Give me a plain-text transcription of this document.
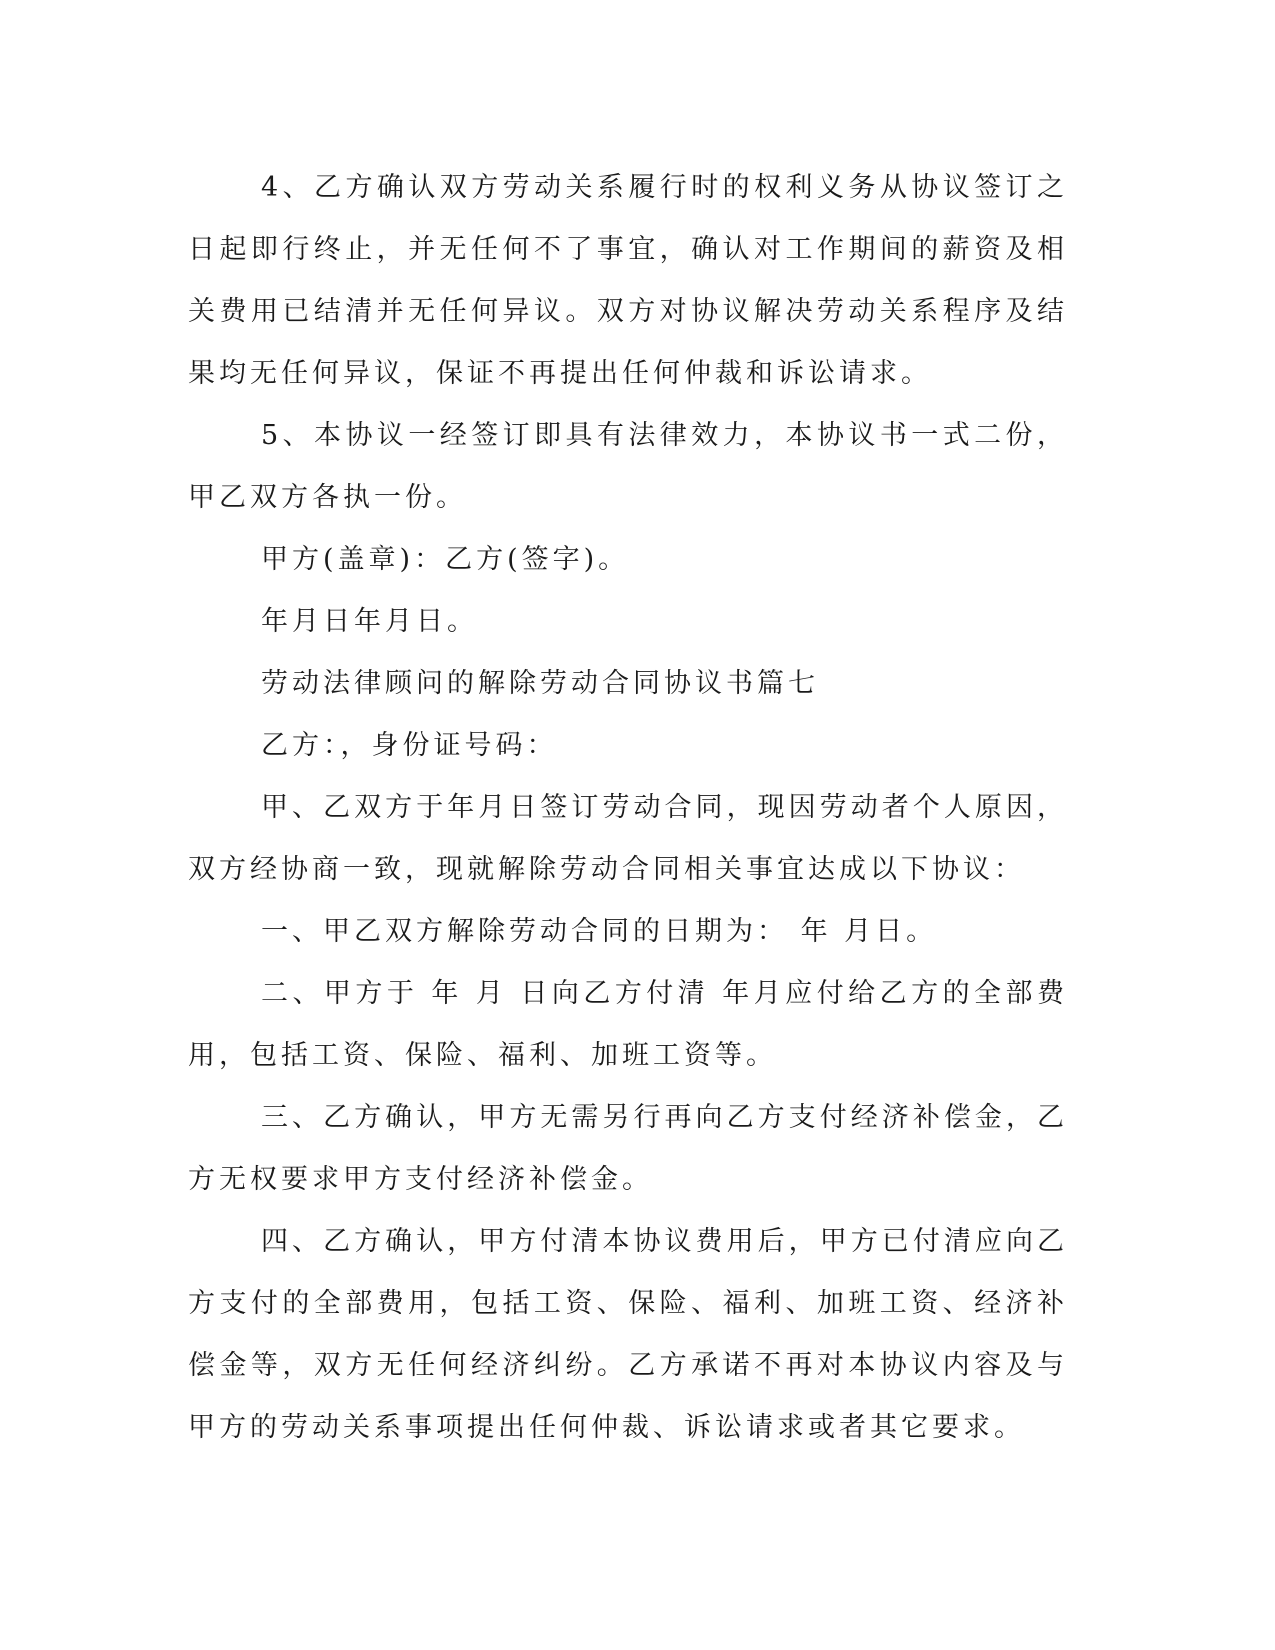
4、乙方确认双方劳动关系履行时的权利义务从协议签订之日起即行终止，并无任何不了事宜，确认对工作期间的薪资及相关费用已结清并无任何异议。双方对协议解决劳动关系程序及结果均无任何异议，保证不再提出任何仲裁和诉讼请求。

5、本协议一经签订即具有法律效力，本协议书一式二份，甲乙双方各执一份。

甲方(盖章)：乙方(签字)。

年月日年月日。

劳动法律顾问的解除劳动合同协议书篇七

乙方：，身份证号码：

甲、乙双方于年月日签订劳动合同，现因劳动者个人原因，双方经协商一致，现就解除劳动合同相关事宜达成以下协议：

一、甲乙双方解除劳动合同的日期为： 年 月日。

二、甲方于 年 月 日向乙方付清 年月应付给乙方的全部费用，包括工资、保险、福利、加班工资等。

三、乙方确认，甲方无需另行再向乙方支付经济补偿金，乙方无权要求甲方支付经济补偿金。

四、乙方确认，甲方付清本协议费用后，甲方已付清应向乙方支付的全部费用，包括工资、保险、福利、加班工资、经济补偿金等，双方无任何经济纠纷。乙方承诺不再对本协议内容及与甲方的劳动关系事项提出任何仲裁、诉讼请求或者其它要求。
